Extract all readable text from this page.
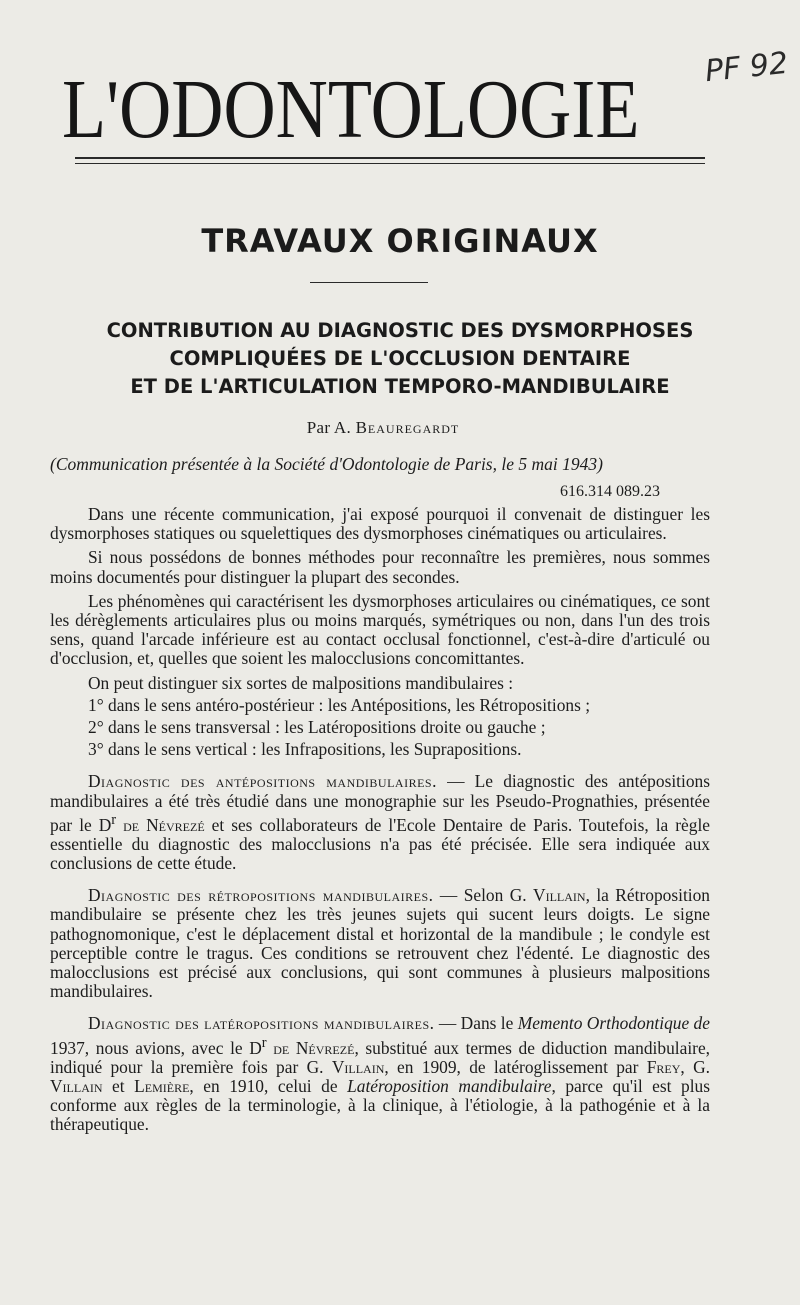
L'ODONTOLOGIE PF 92
TRAVAUX ORIGINAUX
CONTRIBUTION AU DIAGNOSTIC DES DYSMORPHOSES
COMPLIQUÉES DE L'OCCLUSION DENTAIRE
ET DE L'ARTICULATION TEMPORO-MANDIBULAIRE
Par A. Beauregardt
(Communication présentée à la Société d'Odontologie de Paris, le 5 mai 1943)
616.314 089.23

Dans une récente communication, j'ai exposé pourquoi il convenait de distinguer les dysmorphoses statiques ou squelettiques des dysmorphoses cinématiques ou articulaires.

Si nous possédons de bonnes méthodes pour reconnaître les premières, nous sommes moins documentés pour distinguer la plupart des secondes.

Les phénomènes qui caractérisent les dysmorphoses articulaires ou cinématiques, ce sont les dérèglements articulaires plus ou moins marqués, symétriques ou non, dans l'un des trois sens, quand l'arcade inférieure est au contact occlusal fonctionnel, c'est-à-dire d'articulé ou d'occlusion, et, quelles que soient les malocclusions concomittantes.

On peut distinguer six sortes de malpositions mandibulaires :

1° dans le sens antéro-postérieur : les Antépositions, les Rétropositions ;

2° dans le sens transversal : les Latéropositions droite ou gauche ;

3° dans le sens vertical : les Infrapositions, les Suprapositions.

Diagnostic des antépositions mandibulaires. — Le diagnostic des antépositions mandibulaires a été très étudié dans une monographie sur les Pseudo-Prognathies, présentée par le $D^r$ de Névrezé et ses collaborateurs de l'Ecole Dentaire de Paris. Toutefois, la règle essentielle du diagnostic des malocclusions n'a pas été précisée. Elle sera indiquée aux conclusions de cette étude.

Diagnostic des rétropositions mandibulaires. — Selon G. Villain, la Rétroposition mandibulaire se présente chez les très jeunes sujets qui sucent leurs doigts. Le signe pathognomonique, c'est le déplacement distal et horizontal de la mandibule ; le condyle est perceptible contre le tragus. Ces conditions se retrouvent chez l'édenté. Le diagnostic des malocclusions est précisé aux conclusions, qui sont communes à plusieurs malpositions mandibulaires.

Diagnostic des latéropositions mandibulaires. — Dans le Memento Orthodontique de 1937, nous avions, avec le $D^r$ de Névrezé, substitué aux termes de diduction mandibulaire, indiqué pour la première fois par G. Villain, en 1909, de latéroglissement par Frey, G. Villain et Lemière, en 1910, celui de Latéroposition mandibulaire, parce qu'il est plus conforme aux règles de la terminologie, à la clinique, à l'étiologie, à la pathogénie et à la thérapeutique.
